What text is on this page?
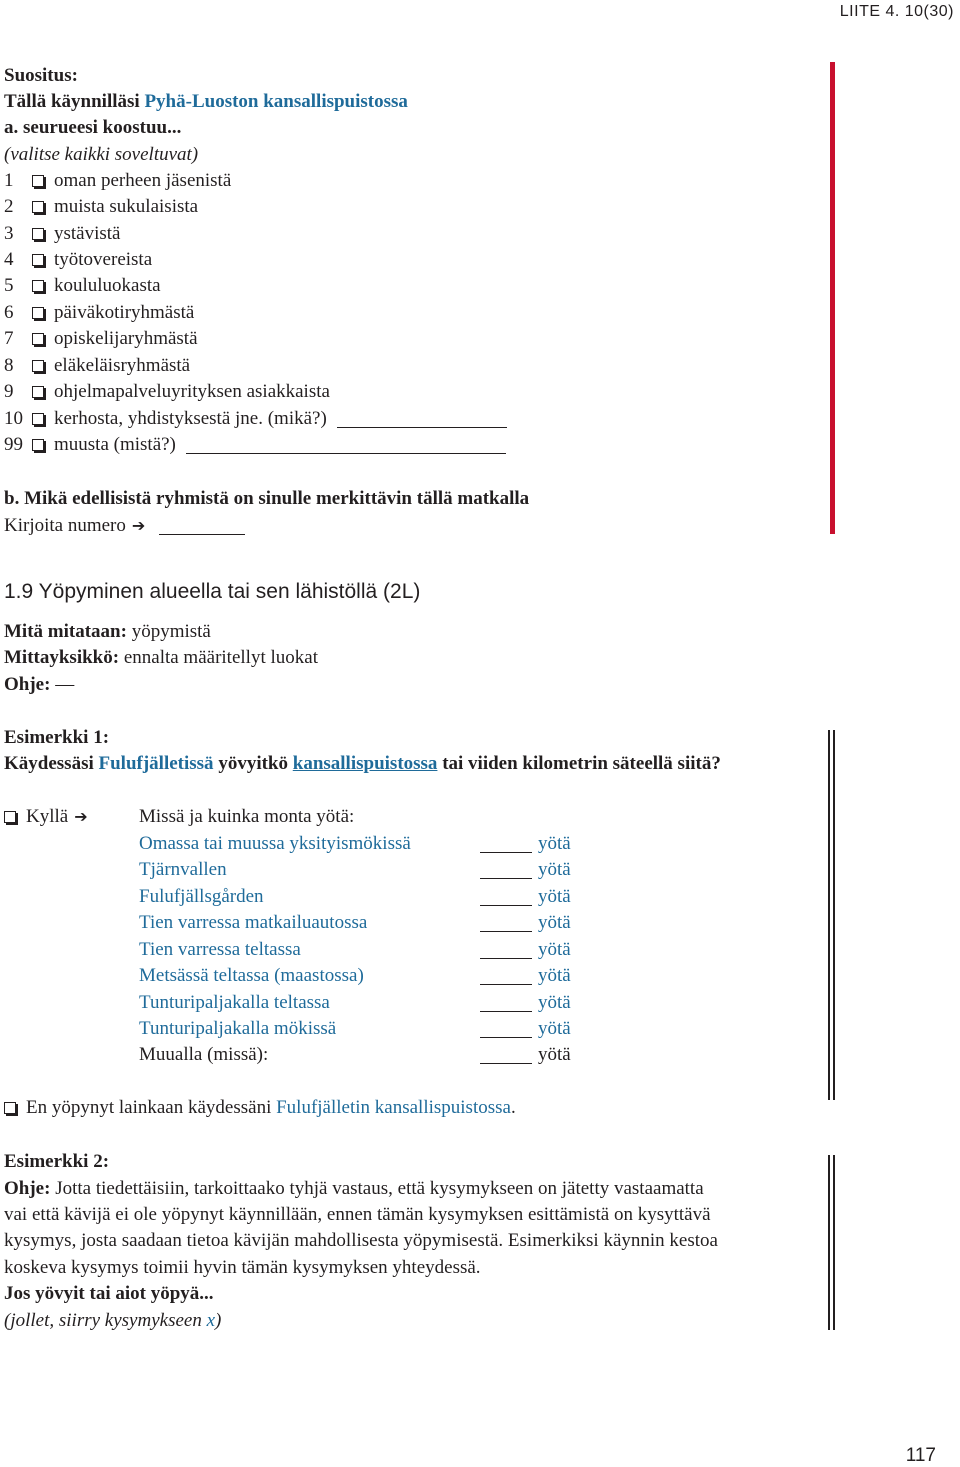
LIITE 4. 10(30)
Suositus:
Tällä käynnilläsi Pyhä-Luoston kansallispuistossa
a. seurueesi koostuu...
(valitse kaikki soveltuvat)
1 oman perheen jäsenistä
2 muista sukulaisista
3 ystävistä
4 työtovereista
5 koululuokasta
6 päiväkotiryhmästä
7 opiskelijaryhmästä
8 eläkeläisryhmästä
9 ohjelmapalveluyrityksen asiakkaista
10 kerhosta, yhdistyksestä jne. (mikä?)
99 muusta (mistä?)
b. Mikä edellisistä ryhmistä on sinulle merkittävin tällä matkalla
Kirjoita numero ➔
1.9 Yöpyminen alueella tai sen lähistöllä (2L)
Mitä mitataan: yöpymistä
Mittayksikkö: ennalta määritellyt luokat
Ohje: —
Esimerkki 1:
Käydessäsi Fulufjälletissä yövyitkö kansallispuistossa tai viiden kilometrin säteellä siitä?
Kyllä ➔	Missä ja kuinka monta yötä:
Omassa tai muussa yksityismökissä	yötä
Tjärnvallen	yötä
Fulufjällsgården	yötä
Tien varressa matkailuautossa	yötä
Tien varressa teltassa	yötä
Metsässä teltassa (maastossa)	yötä
Tunturipaljakalla teltassa	yötä
Tunturipaljakalla mökissä	yötä
Muualla (missä):	yötä
En yöpynyt lainkaan käydessäni Fulufjälletin kansallispuistossa.
Esimerkki 2:
Ohje: Jotta tiedettäisiin, tarkoittaako tyhjä vastaus, että kysymykseen on jätetty vastaamatta
vai että kävijä ei ole yöpynyt käynnillään, ennen tämän kysymyksen esittämistä on kysyttävä
kysymys, josta saadaan tietoa kävijän mahdollisesta yöpymisestä. Esimerkiksi käynnin kestoa
koskeva kysymys toimii hyvin tämän kysymyksen yhteydessä.
Jos yövyit tai aiot yöpyä...
(jollet, siirry kysymykseen x)
117
